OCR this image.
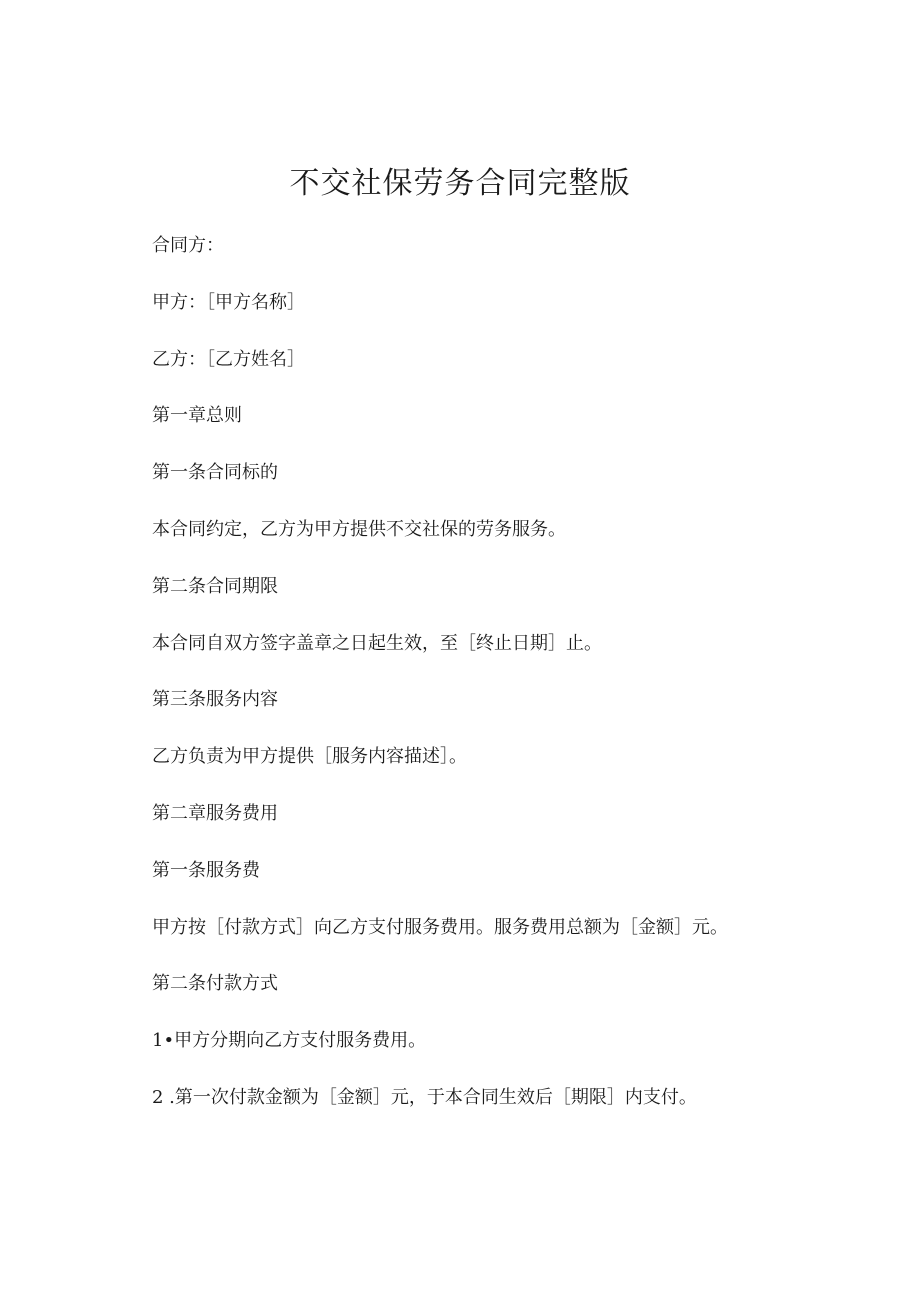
不交社保劳务合同完整版

合同方：

甲方：［甲方名称］

乙方：［乙方姓名］

第一章总则

第一条合同标的

本合同约定，乙方为甲方提供不交社保的劳务服务。

第二条合同期限

本合同自双方签字盖章之日起生效，至［终止日期］止。

第三条服务内容

乙方负责为甲方提供［服务内容描述］。

第二章服务费用

第一条服务费

甲方按［付款方式］向乙方支付服务费用。服务费用总额为［金额］元。

第二条付款方式

1•甲方分期向乙方支付服务费用。

2 .第一次付款金额为［金额］元，于本合同生效后［期限］内支付。
